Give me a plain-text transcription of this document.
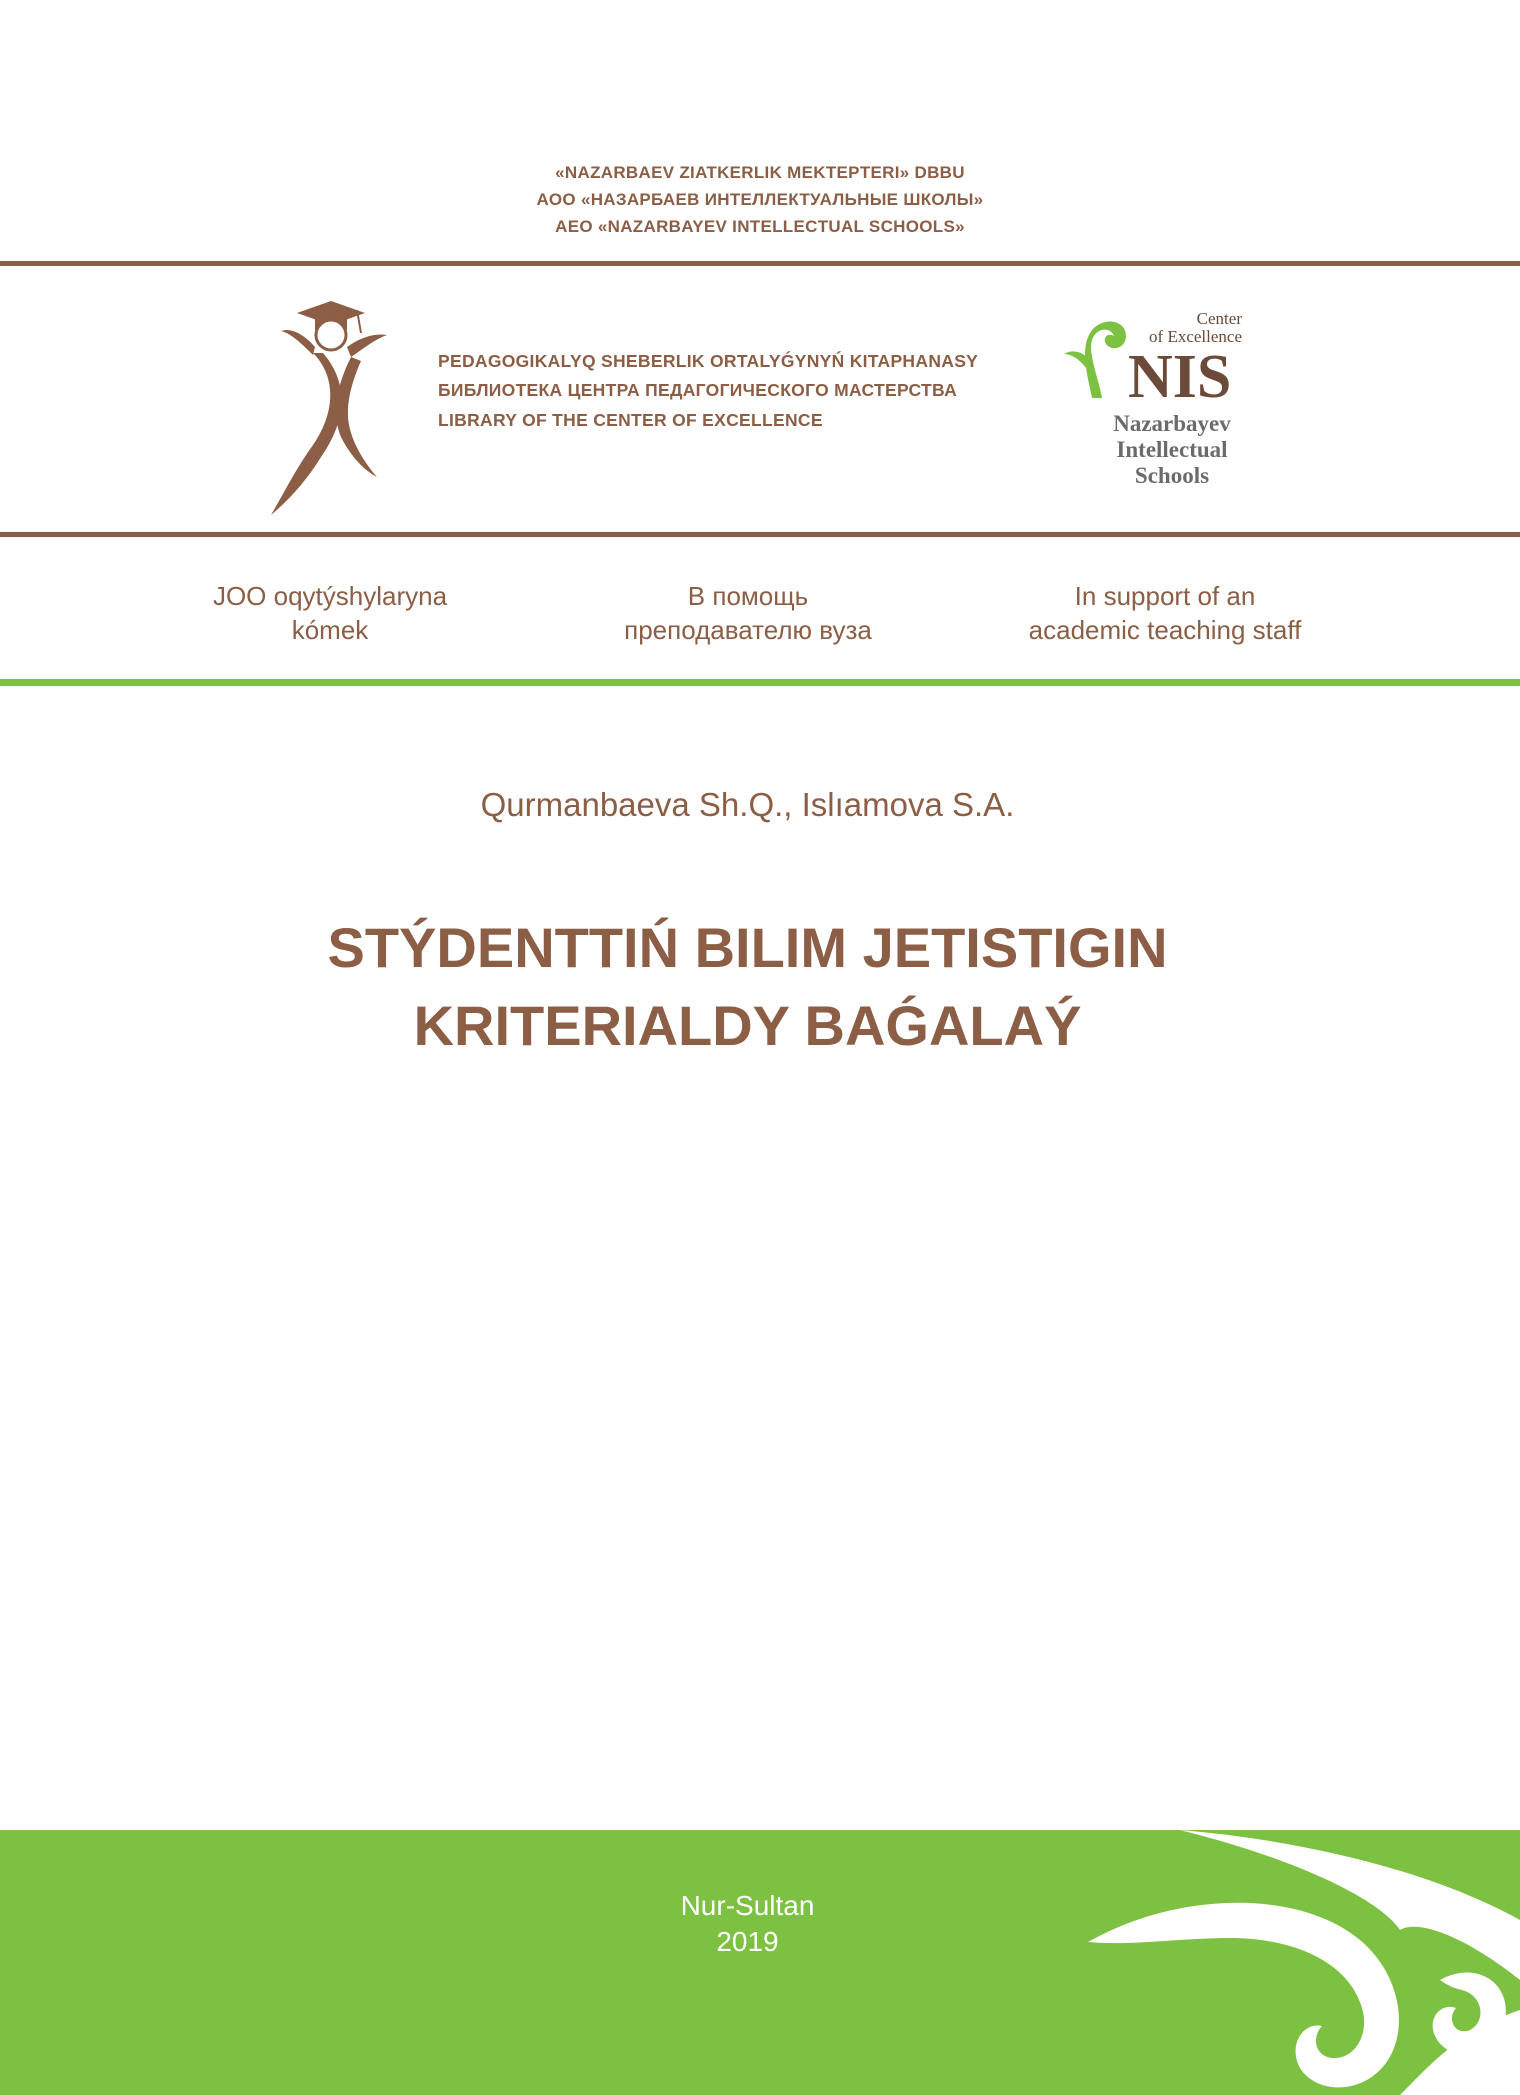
«NAZARBAEV ZIATKERLIK MEKTEPTERI» DBBU
АОО «НАЗАРБАЕВ ИНТЕЛЛЕКТУАЛЬНЫЕ ШКОЛЫ»
AEO «NAZARBAYEV INTELLECTUAL SCHOOLS»
PEDAGOGIKALYQ SHEBERLIK ORTALYǴYNYŃ KITAPHANASY
БИБЛИОТЕКА ЦЕНТРА ПЕДАГОГИЧЕСКОГО МАСТЕРСТВА
LIBRARY OF THE CENTER OF EXCELLENCE
Center
of Excellence
NIS
Nazarbayev
Intellectual
Schools
JOO oqytýshylaryna
kómek
В помощь
преподавателю вуза
In support of an
academic teaching staff
Qurmanbaeva Sh.Q., Islıamova S.A.
STÝDENTTIŃ BILIM JETISTIGIN
KRITERIALDY BAǴALAÝ
Nur-Sultan
2019
